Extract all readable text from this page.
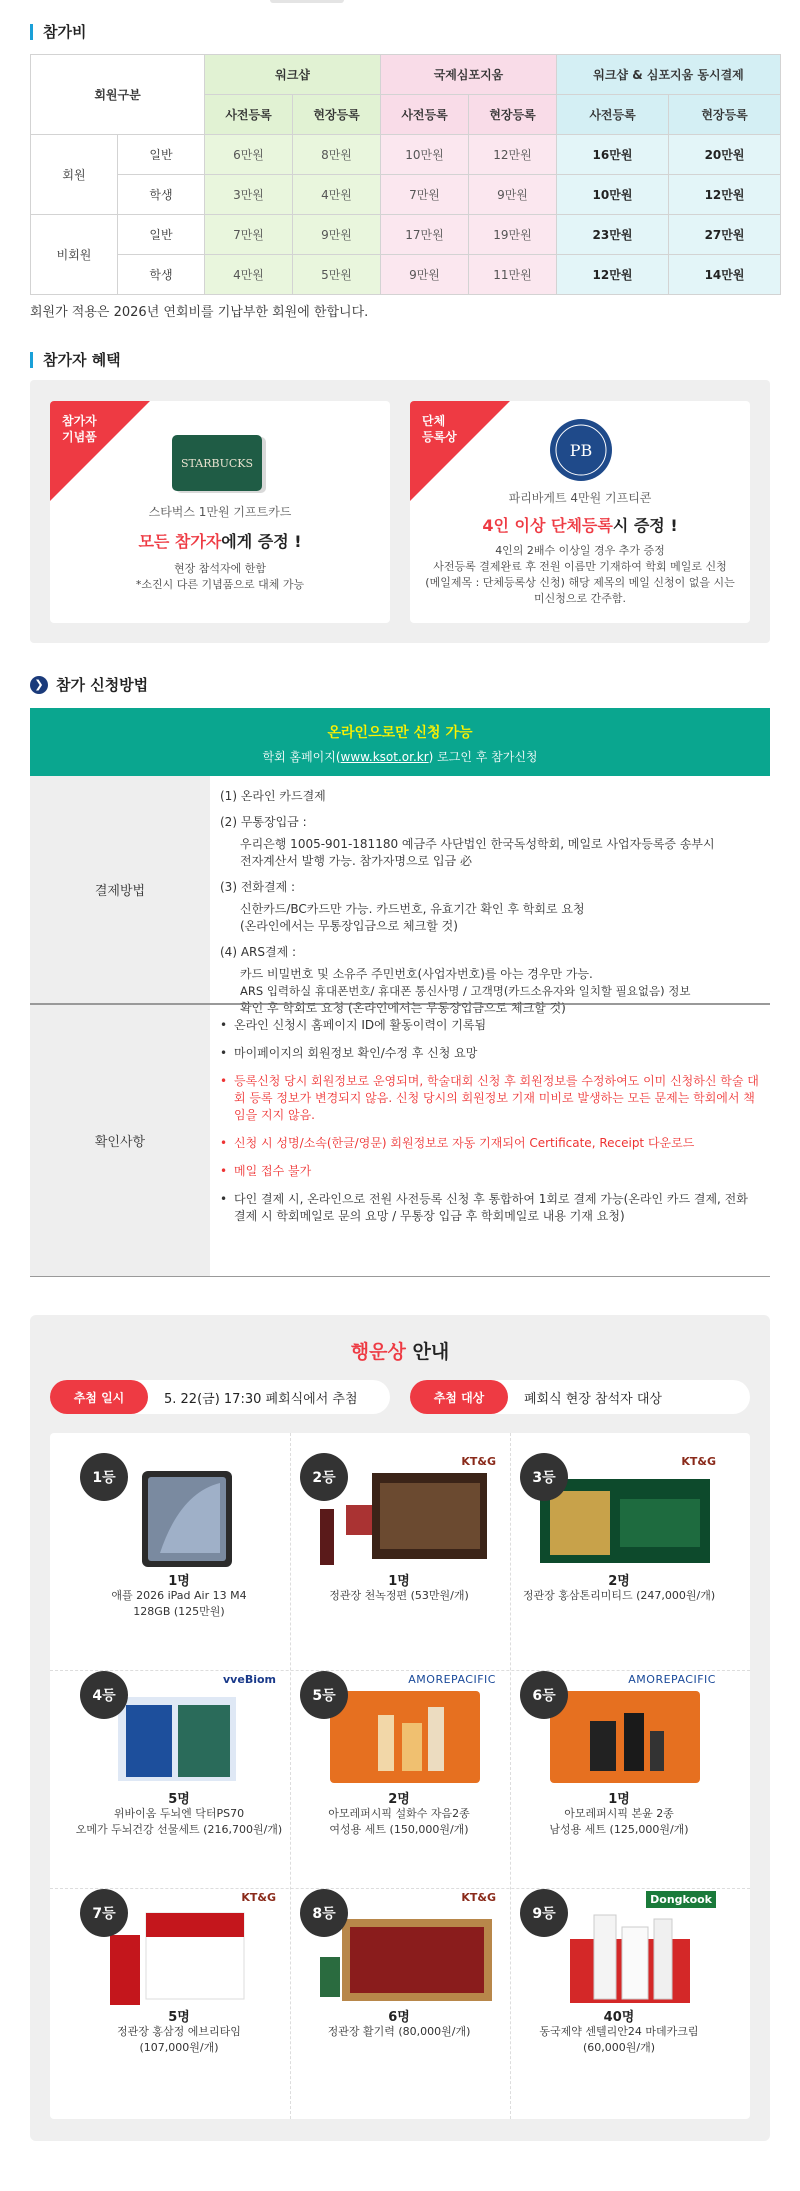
참가비
회원구분		워크샵		국제심포지움		워크샵 & 심포지움 동시결제	
		사전등록	현장등록	사전등록	현장등록	사전등록	현장등록
회원	일반	6만원	8만원	10만원	12만원	16만원	20만원
	학생	3만원	4만원	7만원	9만원	10만원	12만원
비회원	일반	7만원	9만원	17만원	19만원	23만원	27만원
	학생	4만원	5만원	9만원	11만원	12만원	14만원
회원가 적용은 2026년 연회비를 기납부한 회원에 한합니다.
참가자 혜택
참가자
기념품
STARBUCKS
스타벅스 1만원 기프트카드
모든 참가자에게 증정 !
현장 참석자에 한함
*소진시 다른 기념품으로 대체 가능
단체
등록상
PB
파리바게트 4만원 기프티콘
4인 이상 단체등록시 증정 !
4인의 2배수 이상일 경우 추가 증정
사전등록 결제완료 후 전원 이름만 기재하여 학회 메일로 신청
(메일제목 : 단체등록상 신청) 해당 제목의 메일 신청이 없을 시는
미신청으로 간주함.
❯ 참가 신청방법
온라인으로만 신청 가능
학회 홈페이지(www.ksot.or.kr) 로그인 후 참가신청
결제방법

(1) 온라인 카드결제

(2) 무통장입금 :

우리은행 1005-901-181180 예금주 사단법인 한국독성학회, 메일로 사업자등록증 송부시

전자계산서 발행 가능. 참가자명으로 입금 必

(3) 전화결제 :

신한카드/BC카드만 가능. 카드번호, 유효기간 확인 후 학회로 요청

(온라인에서는 무통장입금으로 체크할 것)

(4) ARS결제 :

카드 비밀번호 및 소유주 주민번호(사업자번호)를 아는 경우만 가능.

ARS 입력하실 휴대폰번호/ 휴대폰 통신사명 / 고객명(카드소유자와 일치할 필요없음) 정보

확인 후 학회로 요청 (온라인에서는 무통장입금으로 체크할 것)

확인사항
• 온라인 신청시 홈페이지 ID에 활동이력이 기록됨
• 마이페이지의 회원정보 확인/수정 후 신청 요망
• 등록신청 당시 회원정보로 운영되며, 학술대회 신청 후 회원정보를 수정하여도 이미 신청하신 학술 대회 등록 정보가 변경되지 않음. 신청 당시의 회원정보 기재 미비로 발생하는 모든 문제는 학회에서 책임을 지지 않음.
• 신청 시 성명/소속(한글/영문) 회원정보로 자동 기재되어 Certificate, Receipt 다운로드
• 메일 접수 불가
• 다인 결제 시, 온라인으로 전원 사전등록 신청 후 통합하여 1회로 결제 가능(온라인 카드 결제, 전화 결제 시 학회메일로 문의 요망 / 무통장 입금 후 학회메일로 내용 기재 요청)
행운상 안내
추첨 일시	5. 22(금) 17:30 폐회식에서 추첨	추첨 대상	폐회식 현장 참석자 대상
1등
1명
애플 2026 iPad Air 13 M4
128GB (125만원)
2등
KT&G
1명
정관장 천녹정편 (53만원/개)

3등
KT&G
2명
정관장 홍삼톤리미티드 (247,000원/개)

4등
vveBiom
5명
위바이옴 두뇌엔 닥터PS70
오메가 두뇌건강 선물세트 (216,700원/개)
5등
AMOREPACIFIC
2명
아모레퍼시픽 설화수 자음2종
여성용 세트 (150,000원/개)
6등
AMOREPACIFIC
1명
아모레퍼시픽 본윤 2종
남성용 세트 (125,000원/개)
7등
KT&G
5명
정관장 홍삼정 에브리타임
(107,000원/개)
8등
KT&G
6명
정관장 활기력 (80,000원/개)

9등
Dongkook
40명
동국제약 센텔리안24 마데카크림
(60,000원/개)
